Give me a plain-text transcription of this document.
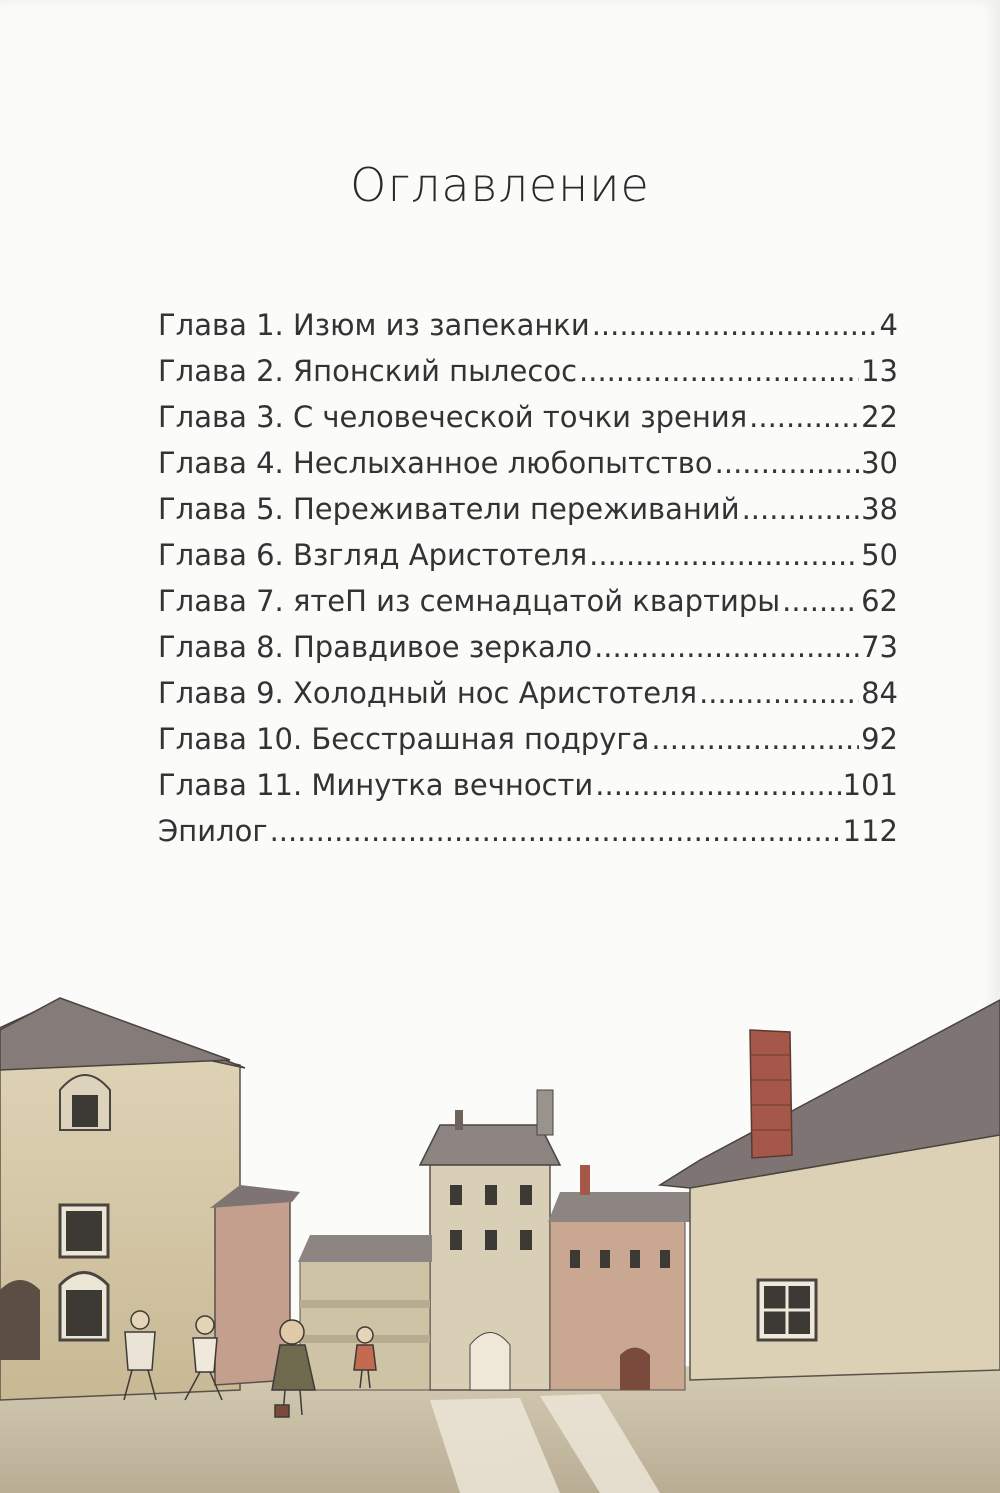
Оглавление
Глава 1. Изюм из запеканки .....	4
Глава 2. Японский пылесос .....	13
Глава 3. С человеческой точки зрения .....	22
Глава 4. Неслыханное любопытство .....	30
Глава 5. Переживатели переживаний .....	38
Глава 6. Взгляд Аристотеля .....	50
Глава 7. ятеП из семнадцатой квартиры .....	62
Глава 8. Правдивое зеркало .....	73
Глава 9. Холодный нос Аристотеля .....	84
Глава 10. Бесстрашная подруга .....	92
Глава 11. Минутка вечности .....	101
Эпилог .....	112
